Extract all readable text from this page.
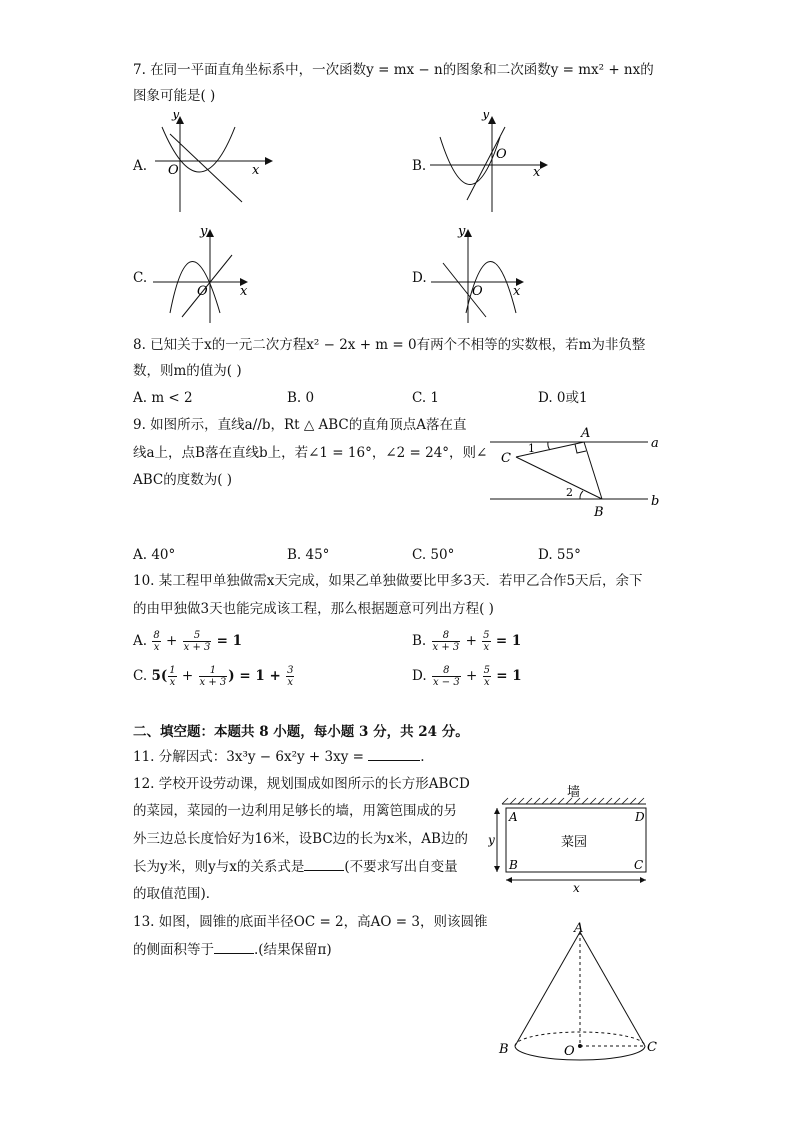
7. 在同一平面直角坐标系中，一次函数y = mx − n的图象和二次函数y = mx² + nx的
图象可能是( )
A.
y
x
O	B.
y
x
O
C.
y
x
O
D.
y
x
O
8. 已知关于x的一元二次方程x² − 2x + m = 0有两个不相等的实数根，若m为非负整
数，则m的值为( )
A. m < 2	B. 0	C. 1	D. 0或1
9. 如图所示，直线a//b，Rt △ ABC的直角顶点A落在直
线a上，点B落在直线b上，若∠1 = 16°，∠2 = 24°，则∠
ABC的度数为( )
A
B
C
a
b
1
2
A. 40°	B. 45°	C. 50°	D. 55°
10. 某工程甲单独做需x天完成，如果乙单独做要比甲多3天．若甲乙合作5天后，余下
的由甲独做3天也能完成该工程，那么根据题意可列出方程( )
A. $\frac{8}{x} + \frac{5}{x + 3} = 1$	B. $\frac{8}{x + 3} + \frac{5}{x} = 1$
C. $5( \frac{1}{x} + \frac{1}{x + 3}$ ) = $1 + \frac{3}{x}$	D. $\frac{8}{x - 3} + \frac{5}{x} = 1$
二、填空题：本题共 8 小题，每小题 3 分，共 24 分。
11. 分解因式：3x³y − 6x²y + 3xy =	.
12. 学校开设劳动课，规划围成如图所示的长方形ABCD
的菜园，菜园的一边利用足够长的墙，用篱笆围成的另
外三边总长度恰好为16米，设BC边的长为x米，AB边的
长为y米，则y与x的关系式是	(不要求写出自变量
的取值范围)．
墙
A	D
B	C
菜园
y
x
13. 如图，圆锥的底面半径OC = 2，高AO = 3，则该圆锥
的侧面积等于	.(结果保留π)
A
B	C
O
